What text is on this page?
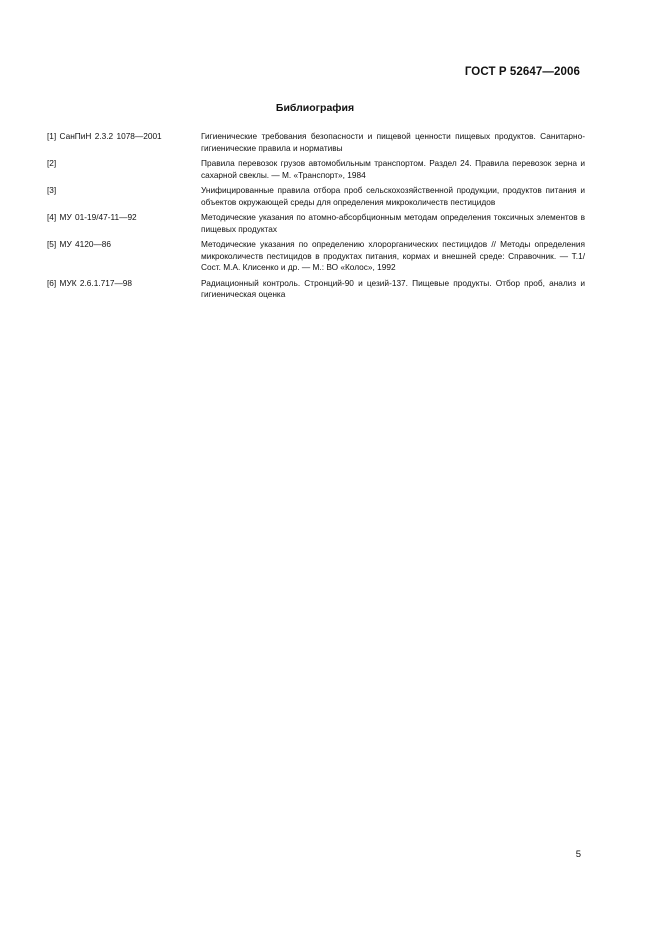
ГОСТ Р 52647—2006
Библиография
[1] СанПиН 2.3.2 1078—2001	Гигиенические требования безопасности и пищевой ценности пищевых продуктов. Санитарно-гигиенические правила и нормативы
[2]	Правила перевозок грузов автомобильным транспортом. Раздел 24. Правила перевозок зерна и сахарной свеклы. — М. «Транспорт», 1984
[3]	Унифицированные правила отбора проб сельскохозяйственной продукции, продуктов питания и объектов окружающей среды для определения микроколичеств пестицидов
[4] МУ 01-19/47-11—92	Методические указания по атомно-абсорбционным методам определения токсичных элементов в пищевых продуктах
[5] МУ 4120—86	Методические указания по определению хлорорганических пестицидов // Методы определения микроколичеств пестицидов в продуктах питания, кормах и внешней среде: Справочник. — Т.1/Сост. М.А. Клисенко и др. — М.: ВО «Колос», 1992
[6] МУК 2.6.1.717—98	Радиационный контроль. Стронций-90 и цезий-137. Пищевые продукты. Отбор проб, анализ и гигиеническая оценка
5
